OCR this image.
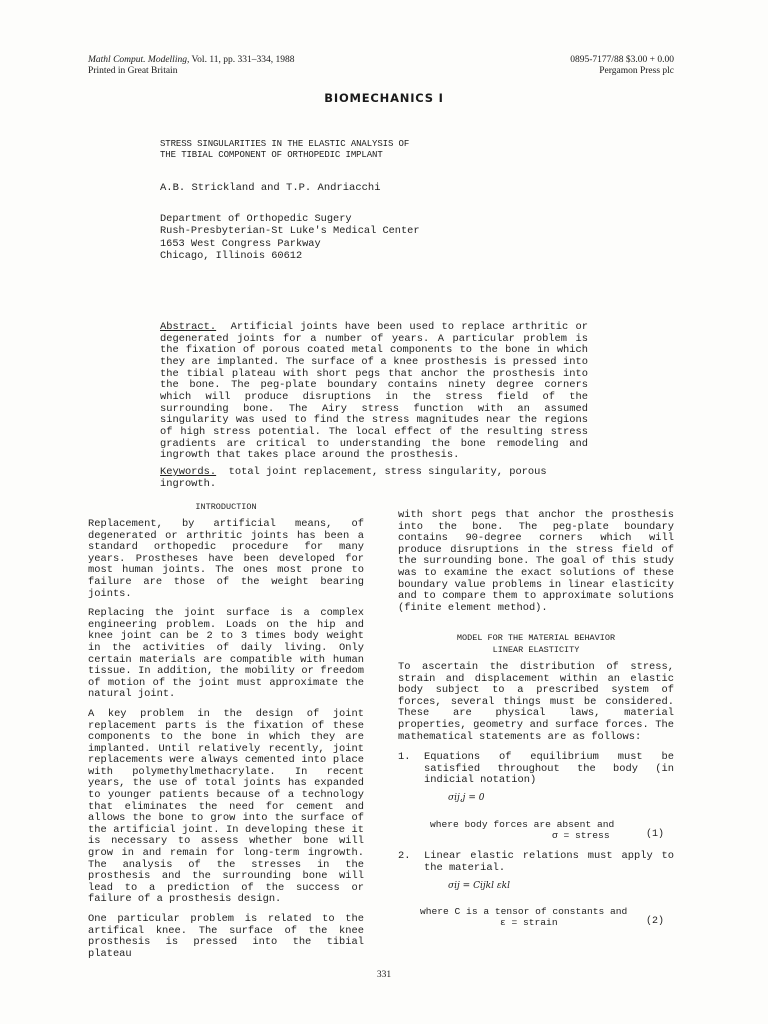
Mathl Comput. Modelling, Vol. 11, pp. 331–334, 1988
Printed in Great Britain
0895-7177/88 $3.00 + 0.00
Pergamon Press plc
BIOMECHANICS I
STRESS SINGULARITIES IN THE ELASTIC ANALYSIS OF
THE TIBIAL COMPONENT OF ORTHOPEDIC IMPLANT
A.B. Strickland and T.P. Andriacchi
Department of Orthopedic Sugery
Rush-Presbyterian-St Luke's Medical Center
1653 West Congress Parkway
Chicago, Illinois 60612
Abstract. Artificial joints have been used to replace arthritic or degenerated joints for a number of years. A particular problem is the fixation of porous coated metal components to the bone in which they are implanted. The surface of a knee prosthesis is pressed into the tibial plateau with short pegs that anchor the prosthesis into the bone. The peg-plate boundary contains ninety degree corners which will produce disruptions in the stress field of the surrounding bone. The Airy stress function with an assumed singularity was used to find the stress magnitudes near the regions of high stress potential. The local effect of the resulting stress gradients are critical to understanding the bone remodeling and ingrowth that takes place around the prosthesis.
Keywords. total joint replacement, stress singularity, porous ingrowth.
INTRODUCTION

Replacement, by artificial means, of degenerated or arthritic joints has been a standard orthopedic procedure for many years. Prostheses have been developed for most human joints. The ones most prone to failure are those of the weight bearing joints.

Replacing the joint surface is a complex engineering problem. Loads on the hip and knee joint can be 2 to 3 times body weight in the activities of daily living. Only certain materials are compatible with human tissue. In addition, the mobility or freedom of motion of the joint must approximate the natural joint.

A key problem in the design of joint replacement parts is the fixation of these components to the bone in which they are implanted. Until relatively recently, joint replacements were always cemented into place with polymethylmethacrylate. In recent years, the use of total joints has expanded to younger patients because of a technology that eliminates the need for cement and allows the bone to grow into the surface of the artificial joint. In developing these it is necessary to assess whether bone will grow in and remain for long-term ingrowth. The analysis of the stresses in the prosthesis and the surrounding bone will lead to a prediction of the success or failure of a prosthesis design.

One particular problem is related to the artifical knee. The surface of the knee prosthesis is pressed into the tibial plateau

with short pegs that anchor the prosthesis into the bone. The peg-plate boundary contains 90-degree corners which will produce disruptions in the stress field of the surrounding bone. The goal of this study was to examine the exact solutions of these boundary value problems in linear elasticity and to compare them to approximate solutions (finite element method).
MODEL FOR THE MATERIAL BEHAVIOR
LINEAR ELASTICITY
To ascertain the distribution of stress, strain and displacement within an elastic body subject to a prescribed system of forces, several things must be considered. These are physical laws, material properties, geometry and surface forces. The mathematical statements are as follows:
1. Equations of equilibrium must be satisfied throughout the body (in indicial notation)
σij,j = 0
where body forces are absent and
σ = stress	(1)
2. Linear elastic relations must apply to the material.
σij = Cijkl εkl
where C is a tensor of constants and
ε = strain	(2)
331
